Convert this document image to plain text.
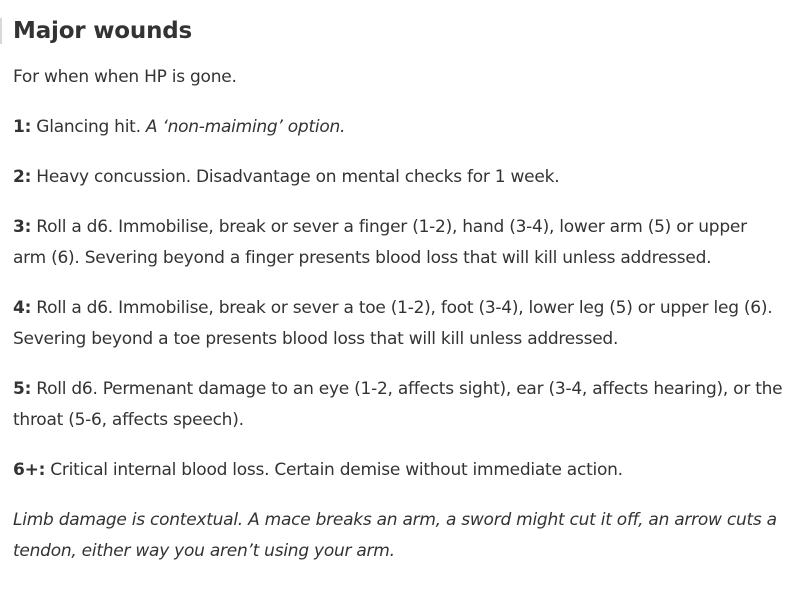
Major wounds

For when when HP is gone.

1: Glancing hit. A ‘non-maiming’ option.

2: Heavy concussion. Disadvantage on mental checks for 1 week.

3: Roll a d6. Immobilise, break or sever a finger (1-2), hand (3-4), lower arm (5) or upper arm (6). Severing beyond a finger presents blood loss that will kill unless addressed.

4: Roll a d6. Immobilise, break or sever a toe (1-2), foot (3-4), lower leg (5) or upper leg (6). Severing beyond a toe presents blood loss that will kill unless addressed.

5: Roll d6. Permenant damage to an eye (1-2, affects sight), ear (3-4, affects hearing), or the throat (5-6, affects speech).

6+: Critical internal blood loss. Certain demise without immediate action.

Limb damage is contextual. A mace breaks an arm, a sword might cut it off, an arrow cuts a tendon, either way you aren’t using your arm.
